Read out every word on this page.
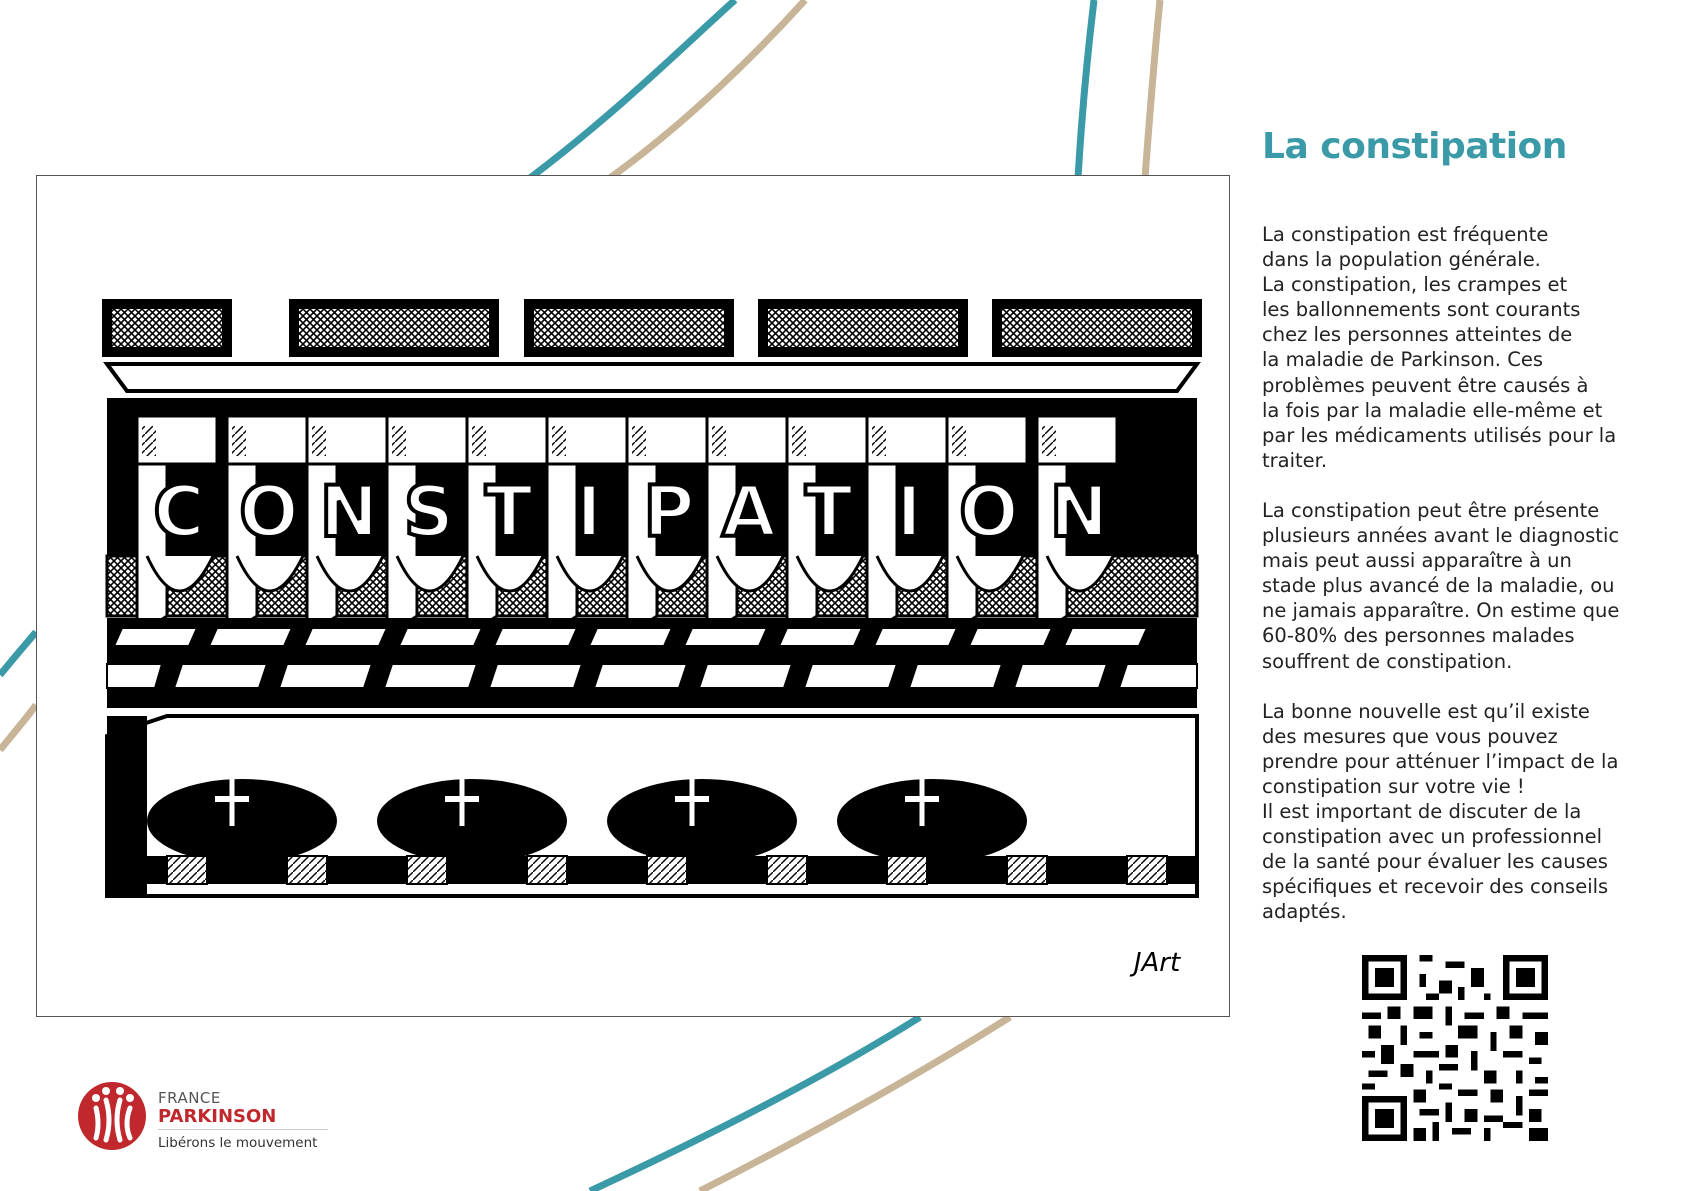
C O N S T I P A T I O N
JArt
La constipation

La constipation est fréquente
dans la population générale.
La constipation, les crampes et
les ballonnements sont courants
chez les personnes atteintes de
la maladie de Parkinson. Ces
problèmes peuvent être causés à
la fois par la maladie elle-même et
par les médicaments utilisés pour la
traiter.

La constipation peut être présente
plusieurs années avant le diagnostic
mais peut aussi apparaître à un
stade plus avancé de la maladie, ou
ne jamais apparaître. On estime que
60-80% des personnes malades
souffrent de constipation.

La bonne nouvelle est qu’il existe
des mesures que vous pouvez
prendre pour atténuer l’impact de la
constipation sur votre vie !
Il est important de discuter de la
constipation avec un professionnel
de la santé pour évaluer les causes
spécifiques et recevoir des conseils
adaptés.

FRANCE
PARKINSON
Libérons le mouvement
